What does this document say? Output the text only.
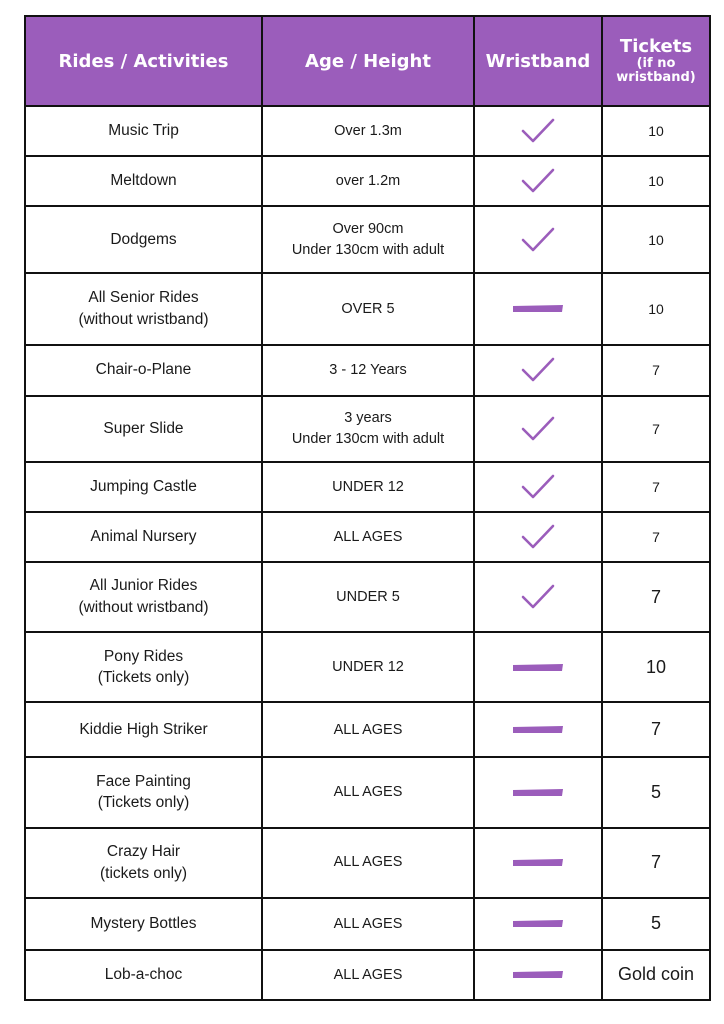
Rides / Activities	Age / Height	Wristband	Tickets
(if no wristband)

Music Trip	Over 1.3m		10

Meltdown	over 1.2m		10

Dodgems	Over 90cm
Under 130cm with adult		10

All Senior Rides
(without wristband)	OVER 5		10

Chair-o-Plane	3 - 12 Years		7

Super Slide	3 years
Under 130cm with adult		7

Jumping Castle	UNDER 12		7

Animal Nursery	ALL AGES		7

All Junior Rides
(without wristband)	UNDER 5		7

Pony Rides
(Tickets only)	UNDER 12		10

Kiddie High Striker	ALL AGES		7

Face Painting
(Tickets only)	ALL AGES		5

Crazy Hair
(tickets only)	ALL AGES		7

Mystery Bottles	ALL AGES		5

Lob-a-choc	ALL AGES		Gold coin
